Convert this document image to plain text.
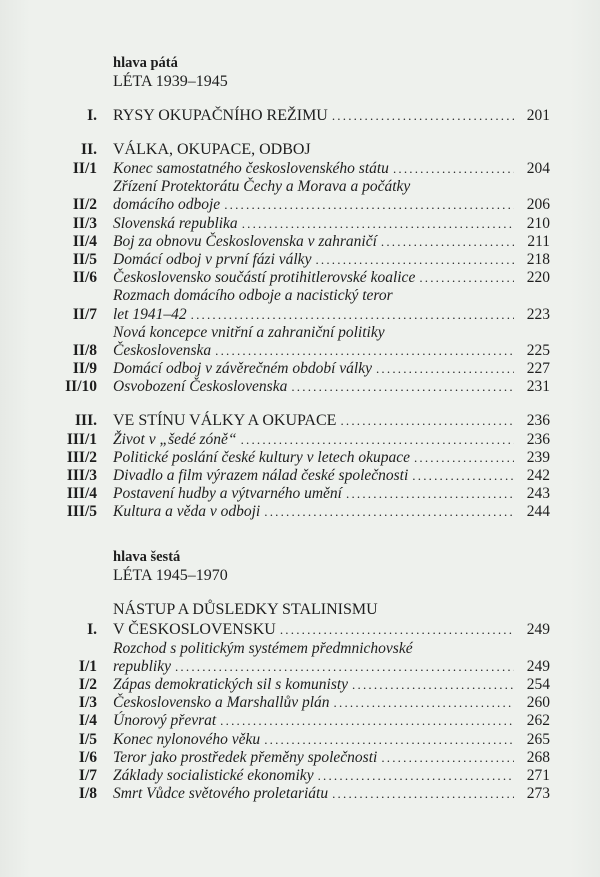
hlava pátá
LÉTA 1939–1945
I. RYSY OKUPAČNÍHO REŽIMU .....	201
II. VÁLKA, OKUPACE, ODBOJ
II/1 Konec samostatného československého státu .....	204
II/2
Zřízení Protektorátu Čechy a Morava a počátky
domácího odboje .....	206
II/3 Slovenská republika .....	210
II/4 Boj za obnovu Československa v zahraničí .....	211
II/5 Domácí odboj v první fázi války .....	218
II/6 Československo součástí protihitlerovské koalice .....	220
II/7
Rozmach domácího odboje a nacistický teror
let 1941–42 .....	223
II/8
Nová koncepce vnitřní a zahraniční politiky
Československa .....	225
II/9 Domácí odboj v závěrečném období války .....	227
II/10 Osvobození Československa .....	231
III. VE STÍNU VÁLKY A OKUPACE .....	236
III/1 Život v „šedé zóně“ .....	236
III/2 Politické poslání české kultury v letech okupace .....	239
III/3 Divadlo a film výrazem nálad české společnosti .....	242
III/4 Postavení hudby a výtvarného umění .....	243
III/5 Kultura a věda v odboji .....	244
hlava šestá
LÉTA 1945–1970
I.
NÁSTUP A DŮSLEDKY STALINISMU
V ČESKOSLOVENSKU .....	249
I/1
Rozchod s politickým systémem předmnichovské
republiky .....	249
I/2 Zápas demokratických sil s komunisty .....	254
I/3 Československo a Marshallův plán .....	260
I/4 Únorový převrat .....	262
I/5 Konec nylonového věku .....	265
I/6 Teror jako prostředek přeměny společnosti .....	268
I/7 Základy socialistické ekonomiky .....	271
I/8 Smrt Vůdce světového proletariátu .....	273
